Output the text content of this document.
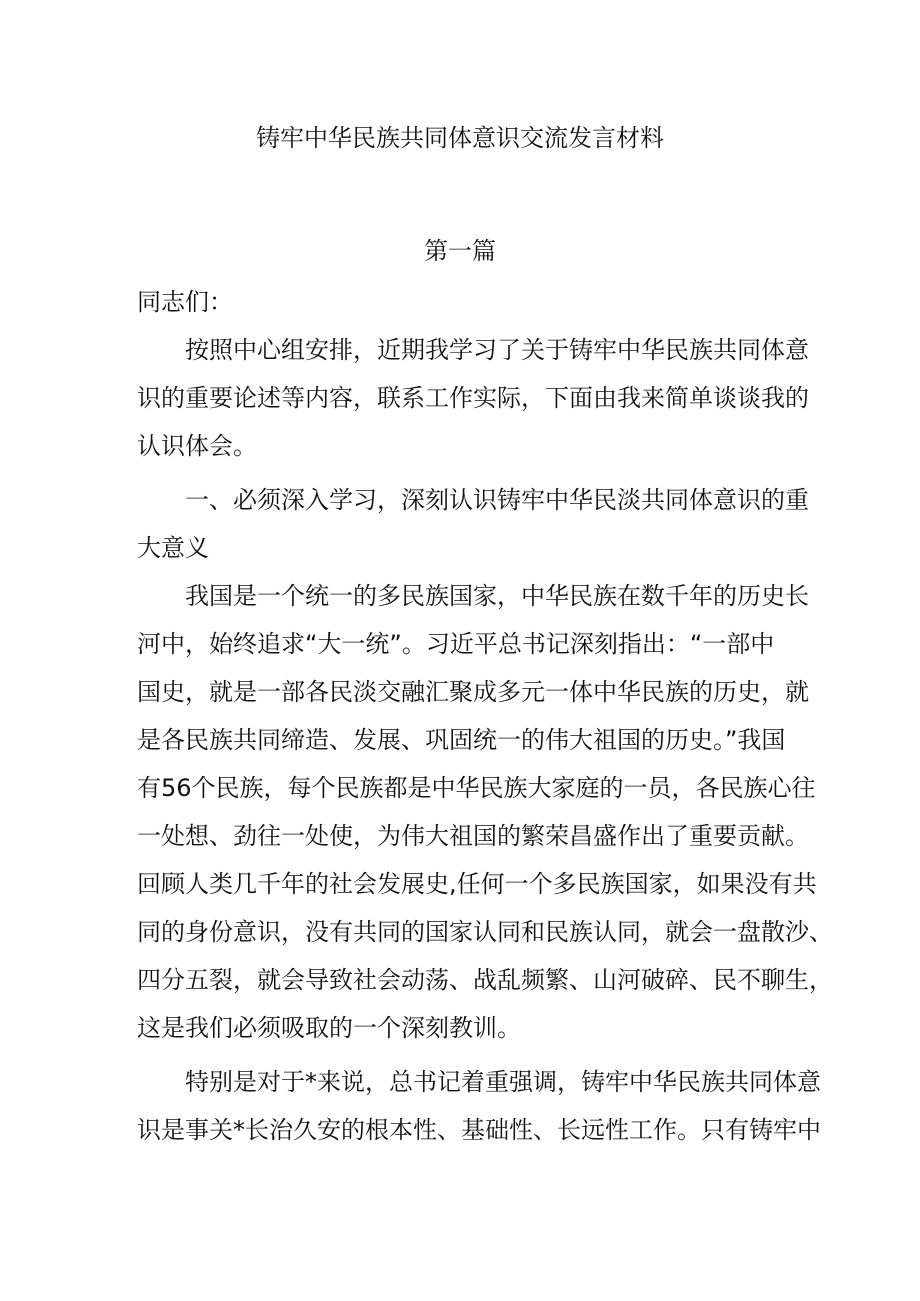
铸牢中华民族共同体意识交流发言材料
第一篇

同志们：

按照中心组安排，近期我学习了关于铸牢中华民族共同体意

识的重要论述等内容，联系工作实际，下面由我来简单谈谈我的

认识体会。

一、必须深入学习，深刻认识铸牢中华民淡共同体意识的重

大意义

我国是一个统一的多民族国家，中华民族在数千年的历史长

河中，始终追求“大一统”。习近平总书记深刻指出：“一部中

国史，就是一部各民淡交融汇聚成多元一体中华民族的历史，就

是各民族共同缔造、发展、巩固统一的伟大祖国的历史。”我国

有56个民族，每个民族都是中华民族大家庭的一员，各民族心往

一处想、劲往一处使，为伟大祖国的繁荣昌盛作出了重要贡献。

回顾人类几千年的社会发展史,任何一个多民族国家，如果没有共

同的身份意识，没有共同的国家认同和民族认同，就会一盘散沙、

四分五裂，就会导致社会动荡、战乱频繁、山河破碎、民不聊生，

这是我们必须吸取的一个深刻教训。

特别是对于*来说，总书记着重强调，铸牢中华民族共同体意

识是事关*长治久安的根本性、基础性、长远性工作。只有铸牢中
